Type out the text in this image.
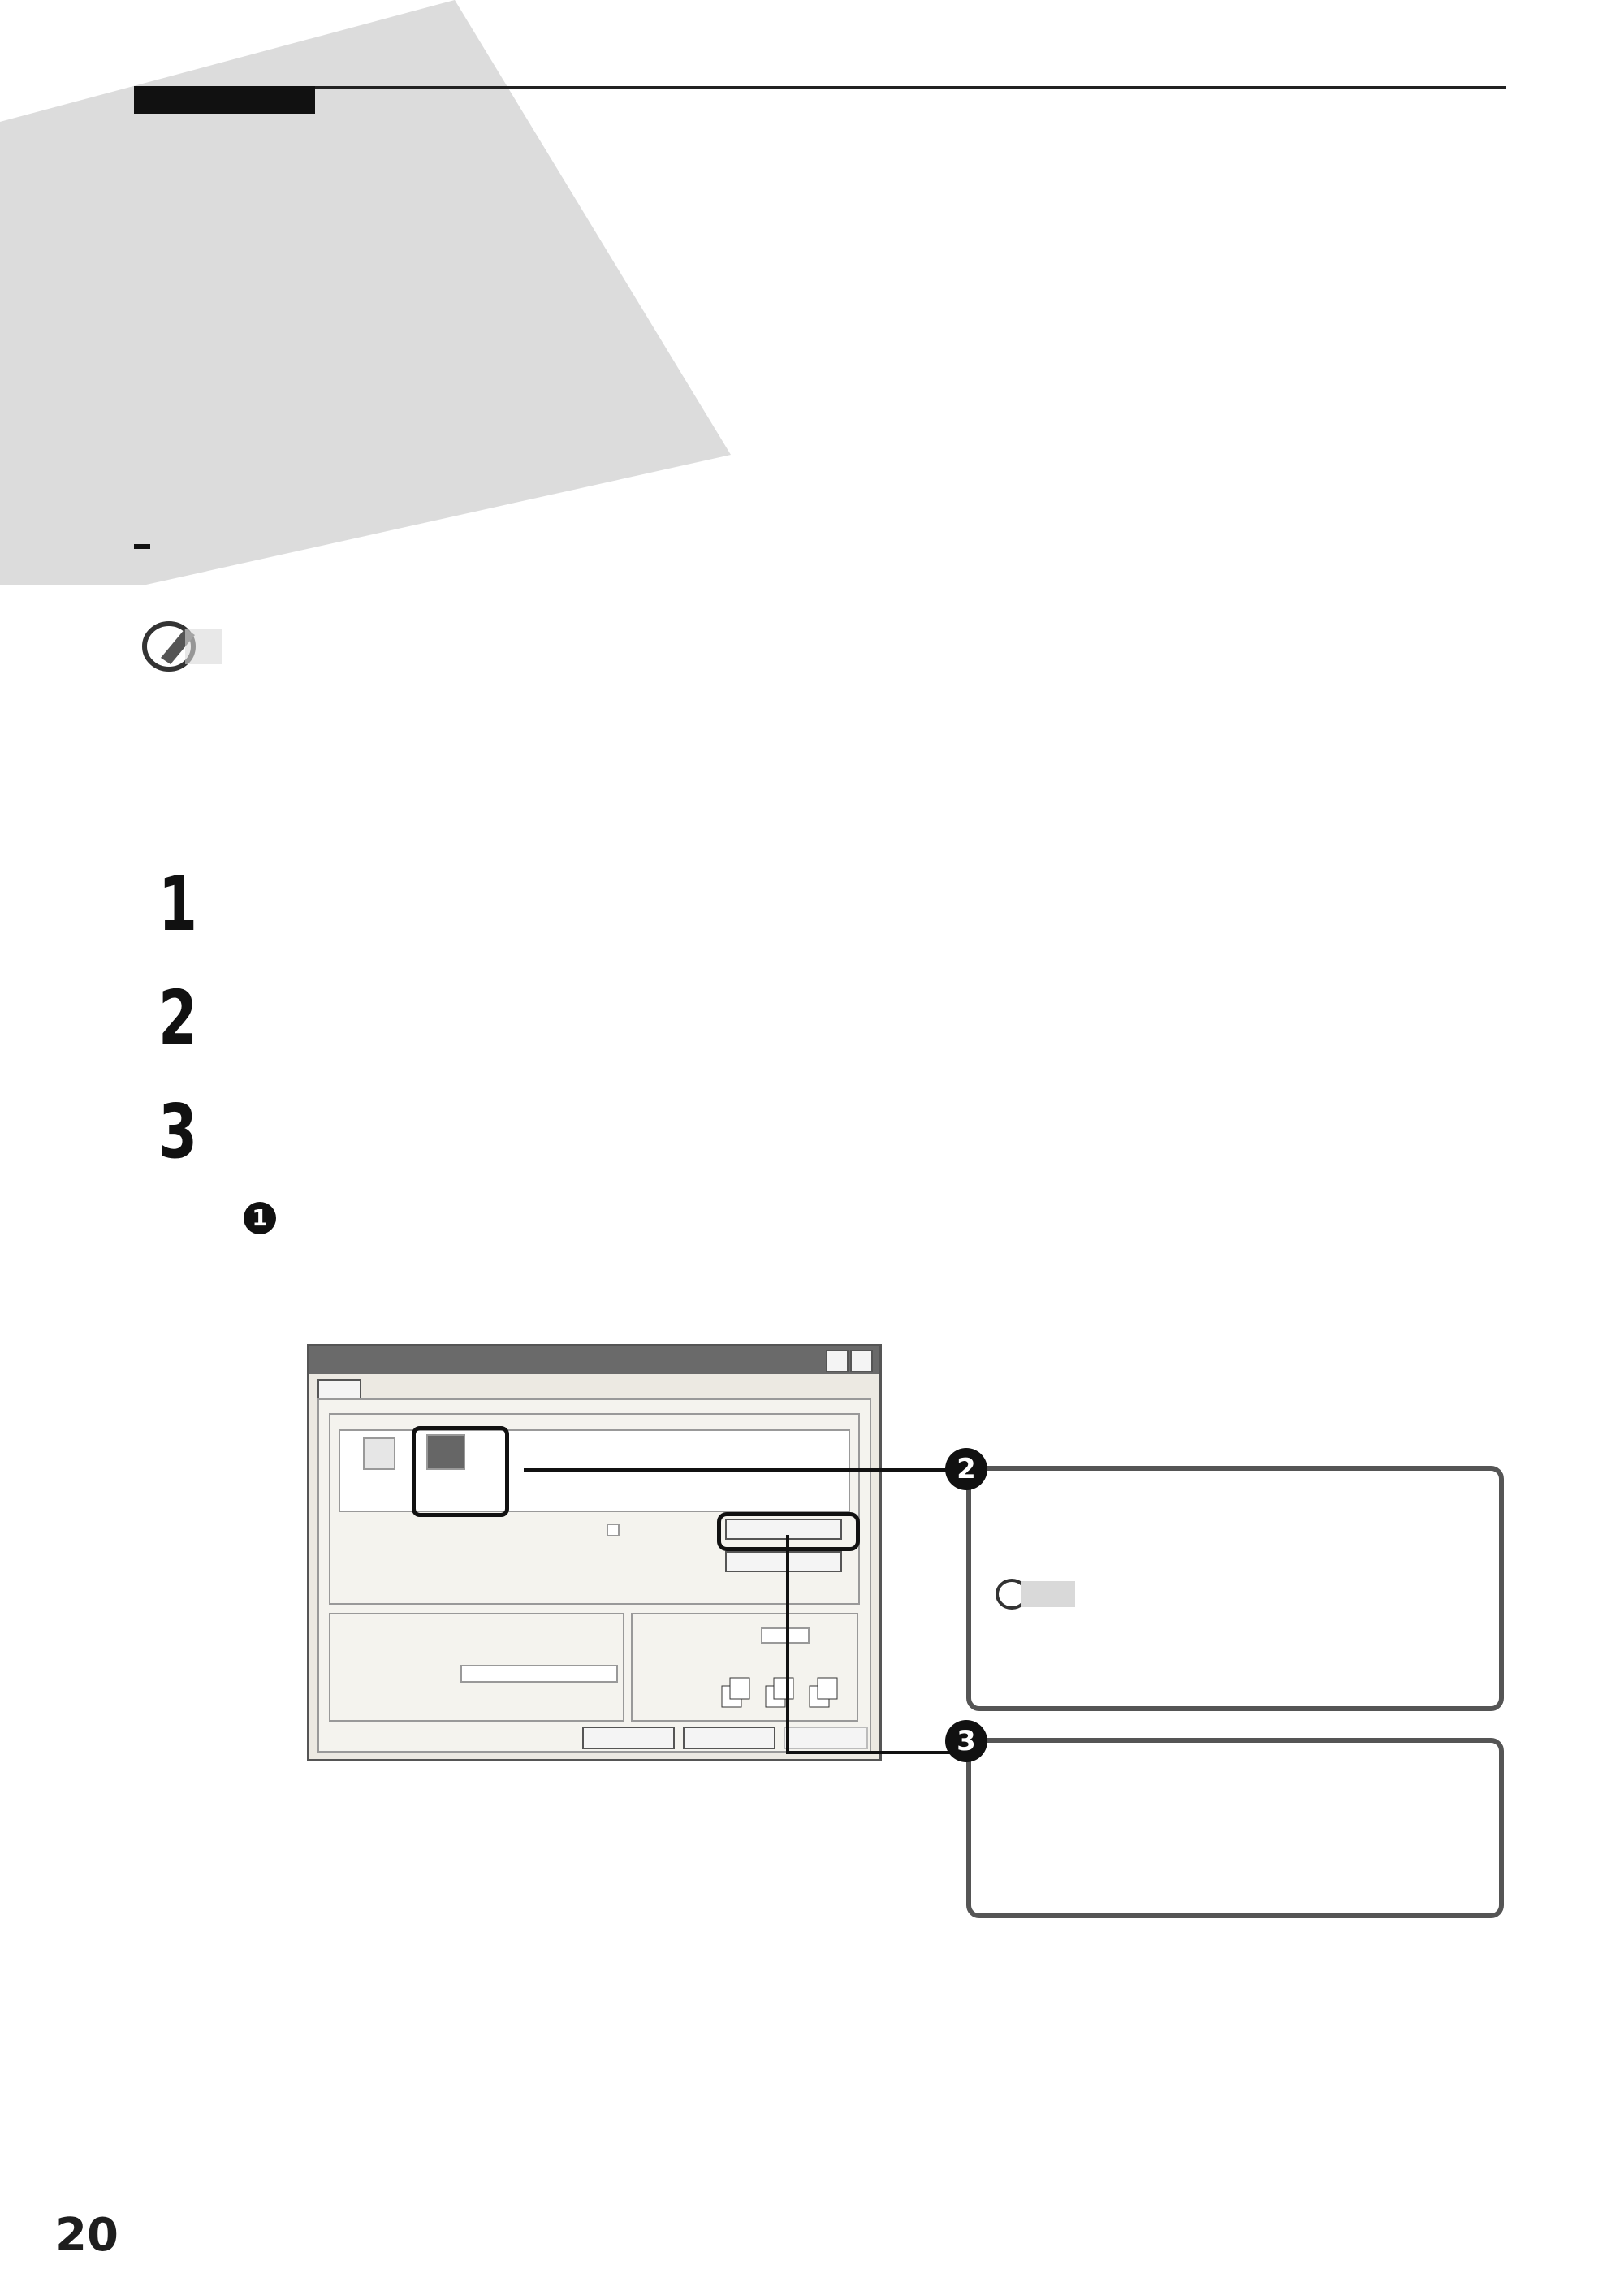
1
2
3
1
2
3
20
